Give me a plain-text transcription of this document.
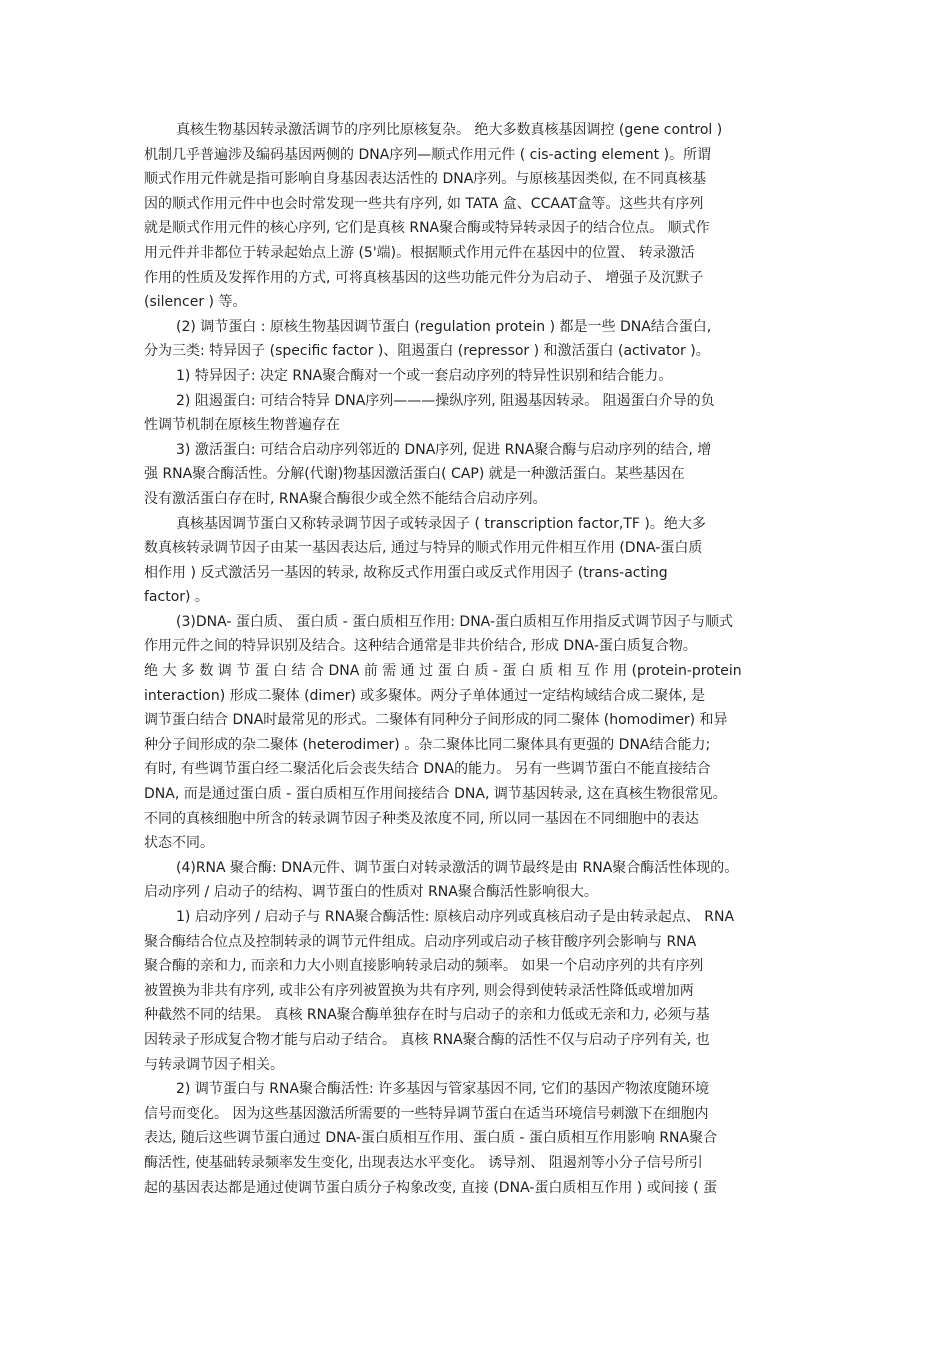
真核生物基因转录激活调节的序列比原核复杂。 绝大多数真核基因调控 (gene control )
机制几乎普遍涉及编码基因两侧的 DNA序列—顺式作用元件 ( cis-acting element )。所谓
顺式作用元件就是指可影响自身基因表达活性的 DNA序列。与原核基因类似, 在不同真核基
因的顺式作用元件中也会时常发现一些共有序列, 如 TATA 盒、CCAAT盒等。这些共有序列
就是顺式作用元件的核心序列, 它们是真核 RNA聚合酶或特异转录因子的结合位点。 顺式作
用元件并非都位于转录起始点上游 (5'端)。根据顺式作用元件在基因中的位置、 转录激活
作用的性质及发挥作用的方式, 可将真核基因的这些功能元件分为启动子、 增强子及沉默子
(silencer ) 等。
(2) 调节蛋白 : 原核生物基因调节蛋白 (regulation protein ) 都是一些 DNA结合蛋白,
分为三类: 特异因子 (specific factor )、阻遏蛋白 (repressor ) 和激活蛋白 (activator )。
1) 特异因子: 决定 RNA聚合酶对一个或一套启动序列的特异性识别和结合能力。
2) 阻遏蛋白: 可结合特异 DNA序列———操纵序列, 阻遏基因转录。 阻遏蛋白介导的负
性调节机制在原核生物普遍存在
3) 激活蛋白: 可结合启动序列邻近的 DNA序列, 促进 RNA聚合酶与启动序列的结合, 增
强 RNA聚合酶活性。分解(代谢)物基因激活蛋白( CAP) 就是一种激活蛋白。某些基因在
没有激活蛋白存在时, RNA聚合酶很少或全然不能结合启动序列。
真核基因调节蛋白又称转录调节因子或转录因子 ( transcription factor,TF )。绝大多
数真核转录调节因子由某一基因表达后, 通过与特异的顺式作用元件相互作用 (DNA-蛋白质
相作用 ) 反式激活另一基因的转录, 故称反式作用蛋白或反式作用因子 (trans-acting
factor) 。
(3)DNA- 蛋白质、 蛋白质 - 蛋白质相互作用: DNA-蛋白质相互作用指反式调节因子与顺式
作用元件之间的特异识别及结合。这种结合通常是非共价结合, 形成 DNA-蛋白质复合物。
绝 大 多 数 调 节 蛋 白 结 合 DNA 前 需 通 过 蛋 白 质 - 蛋 白 质 相 互 作 用 (protein-protein
interaction) 形成二聚体 (dimer) 或多聚体。两分子单体通过一定结构域结合成二聚体, 是
调节蛋白结合 DNA时最常见的形式。二聚体有同种分子间形成的同二聚体 (homodimer) 和异
种分子间形成的杂二聚体 (heterodimer) 。杂二聚体比同二聚体具有更强的 DNA结合能力;
有时, 有些调节蛋白经二聚活化后会丧失结合 DNA的能力。 另有一些调节蛋白不能直接结合
DNA, 而是通过蛋白质 - 蛋白质相互作用间接结合 DNA, 调节基因转录, 这在真核生物很常见。
不同的真核细胞中所含的转录调节因子种类及浓度不同, 所以同一基因在不同细胞中的表达
状态不同。
(4)RNA 聚合酶: DNA元件、调节蛋白对转录激活的调节最终是由 RNA聚合酶活性体现的。
启动序列 / 启动子的结构、调节蛋白的性质对 RNA聚合酶活性影响很大。
1) 启动序列 / 启动子与 RNA聚合酶活性: 原核启动序列或真核启动子是由转录起点、 RNA
聚合酶结合位点及控制转录的调节元件组成。启动序列或启动子核苷酸序列会影响与 RNA
聚合酶的亲和力, 而亲和力大小则直接影响转录启动的频率。 如果一个启动序列的共有序列
被置换为非共有序列, 或非公有序列被置换为共有序列, 则会得到使转录活性降低或增加两
种截然不同的结果。 真核 RNA聚合酶单独存在时与启动子的亲和力低或无亲和力, 必须与基
因转录子形成复合物才能与启动子结合。 真核 RNA聚合酶的活性不仅与启动子序列有关, 也
与转录调节因子相关。
2) 调节蛋白与 RNA聚合酶活性: 许多基因与管家基因不同, 它们的基因产物浓度随环境
信号而变化。 因为这些基因激活所需要的一些特异调节蛋白在适当环境信号刺激下在细胞内
表达, 随后这些调节蛋白通过 DNA-蛋白质相互作用、蛋白质 - 蛋白质相互作用影响 RNA聚合
酶活性, 使基础转录频率发生变化, 出现表达水平变化。 诱导剂、 阻遏剂等小分子信号所引
起的基因表达都是通过使调节蛋白质分子构象改变, 直接 (DNA-蛋白质相互作用 ) 或间接 ( 蛋
